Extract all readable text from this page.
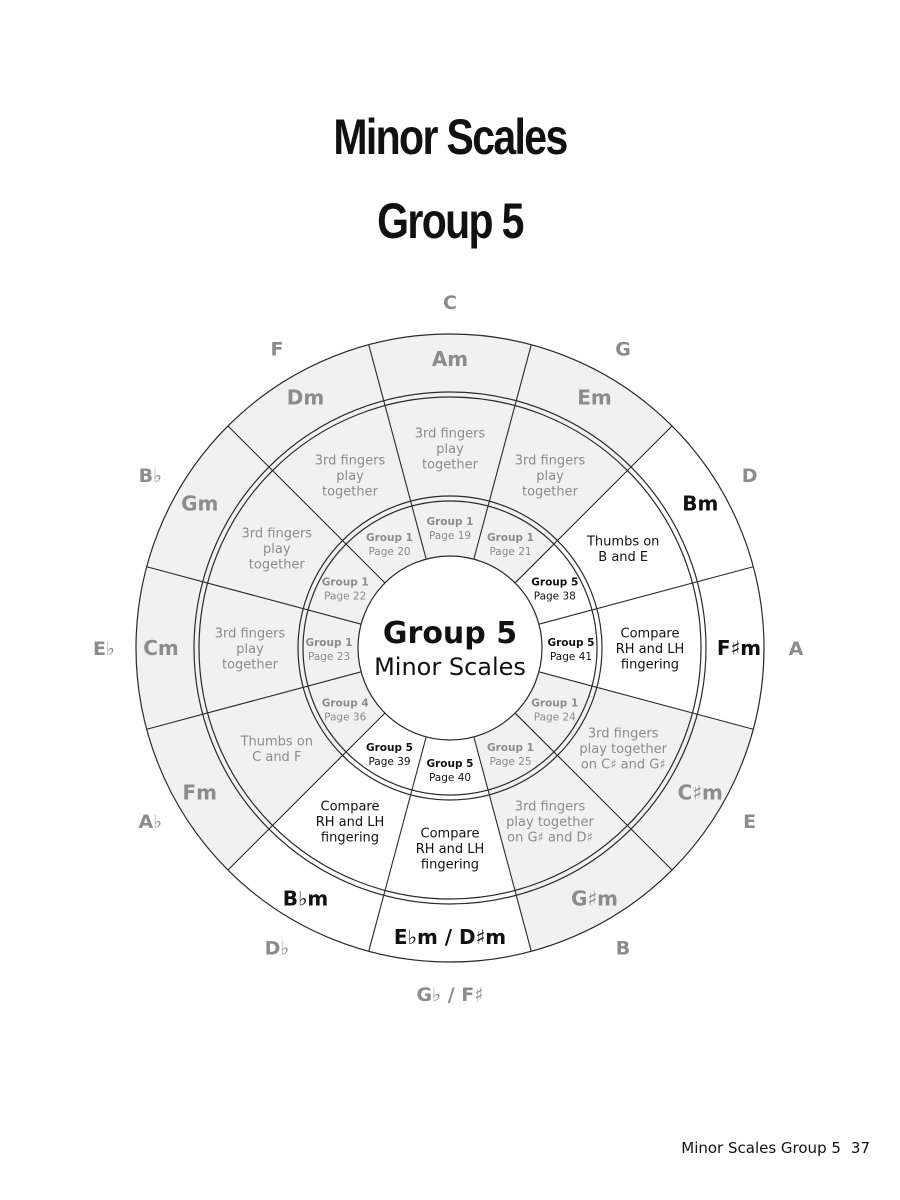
Minor Scales
Group 5
C
Am
3rd fingers
play
together
Group 1
Page 19
G
Em
3rd fingers
play
together
Group 1
Page 21
D
Bm
Thumbs on
B and E
Group 5
Page 38
A
F♯m
Compare
RH and LH
fingering
Group 5
Page 41
E
C♯m
3rd fingers
play together
on C♯ and G♯
Group 1
Page 24
B
G♯m
3rd fingers
play together
on G♯ and D♯
Group 1
Page 25
G♭ / F♯
E♭m / D♯m
Compare
RH and LH
fingering
Group 5
Page 40
D♭
B♭m
Compare
RH and LH
fingering
Group 5
Page 39
A♭
Fm
Thumbs on
C and F
Group 4
Page 36
E♭ Cm
3rd fingers
play
together
Group 1
Page 23
B♭
Gm
3rd fingers
play
together
Group 1
Page 22
F
Dm
3rd fingers
play
together
Group 1
Page 20
Group 5
Minor Scales
Minor Scales Group 5 37
